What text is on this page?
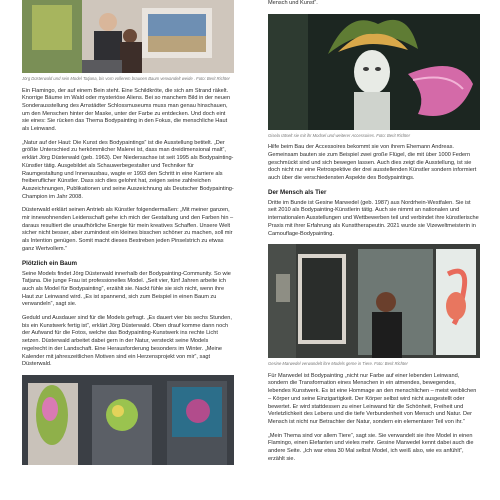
Jörg Düsterwald und sein Model Tatjana, bis vorn vollerem braunen Baum verwandelt weide . Foto: Berit Richter

Ein Flamingo, der auf einem Bein steht. Eine Schildkröte, die sich am Strand räkelt. Knorrige Bäume im Wald oder mysteriöse Aliens. Bei so manchem Bild in der neuen Sonderausstellung des Arnstädter Schlossmuseums muss man genau hinschauen, um den Menschen hinter der Maske, unter der Farbe zu entdecken. Und doch eint sie eines: Sie rücken das Thema Bodypainting in den Fokus, die menschliche Haut als Leinwand.

„Natur auf der Haut: Die Kunst des Bodypaintings“ ist die Ausstellung betitelt. „Der größte Unterschied zu herkömmlicher Malerei ist, dass man dreidimensional malt“, erklärt Jörg Düsterwald (geb. 1963). Der Niedersachse ist seit 1995 als Bodypainting-Künstler tätig. Ausgebildet als Schauwerbegestalter und Techniker für Raumgestaltung und Innenausbau, wagte er 1993 den Schritt in eine Karriere als freiberuflicher Künstler. Dass sich dies gelohnt hat, zeigen seine zahlreichen Auszeichnungen, Publikationen und seine Auszeichnung als Deutscher Bodypainting-Champion im Jahr 2008.

Düsterwald erklärt seinen Antrieb als Künstler folgendermaßen: „Mit meiner ganzen, mir innewohnenden Leidenschaft gehe ich mich der Gestaltung und den Farben hin – daraus resultiert die unaufhörliche Energie für mein kreatives Schaffen. Unsere Welt sicher nicht besser, aber zumindest ein kleines bisschen schöner zu machen, soll mir als Intention genügen. Somit macht dieses Bestreben jeden Pinselstrich zu etwas ganz Wertvollem.“

Plötzlich ein Baum

Seine Models findet Jörg Düsterwald innerhalb der Bodypainting-Community. So wie Tatjana. Die junge Frau ist professionelles Model. „Seit vier, fünf Jahren arbeite ich auch als Model für Bodypainting“, erzählt sie. Nackt fühle sie sich nicht, wenn ihre Haut zur Leinwand wird. „Es ist spannend, sich zum Beispiel in einen Baum zu verwandeln“, sagt sie.

Geduld und Ausdauer sind für die Models gefragt. „Es dauert vier bis sechs Stunden, bis ein Kunstwerk fertig ist“, erklärt Jörg Düsterwald. Oben drauf komme dann noch der Aufwand für die Fotos, welche das Bodypainting-Kunstwerk ins rechte Licht setzen. Düsterwald arbeitet dabei gern in der Natur, versteckt seine Models regelrecht in der Landschaft. Eine Herausforderung besonders im Winter. „Meine Kalender mit jahreszeitlichen Motiven sind ein Herzensprojekt von mir“, sagt Düsterwald.

Mensch und Kunst“.

Gisela rätselt sie mit ihr Modsel und weiterer Accessoires. Foto: Berit Richter

Hilfe beim Bau der Accessoires bekommt sie von ihrem Ehemann Andreas. Gemeinsam bauten sie zum Beispiel zwei große Flügel, die mit über 1000 Federn geschmückt sind und sich bewegen lassen. Auch dies zeigt die Ausstellung, ist sie doch nicht nur eine Retrospektive der drei ausstellenden Künstler sondern informiert auch über die verschiedensten Aspekte des Bodypaintings.

Der Mensch als Tier

Dritte im Bunde ist Gesine Marwedel (geb. 1987) aus Nordrhein-Westfalen. Sie ist seit 2010 als Bodypainting-Künstlerin tätig. Auch sie nimmt an nationalen und internationalen Ausstellungen und Wettbewerben teil und verbindet ihre künstlerische Praxis mit ihrer Erfahrung als Kunsttherapeutin. 2021 wurde sie Vizeweltmeisterin in Camouflage-Bodypainting.

Gesine Marwedel verwandelt ihre Models gerne in Tiere. Foto: Berit Richter

Für Marwedel ist Bodypainting „nicht nur Farbe auf einer lebenden Leinwand, sondern die Transformation eines Menschen in ein atmendes, bewegendes, lebendes Kunstwerk. Es ist eine Hommage an den menschlichen – meist weiblichen – Körper und seine Einzigartigkeit. Der Körper selbst wird nicht ausgestellt oder bewertet. Er wird stattdessen zu einer Leinwand für die Schönheit, Freiheit und Verletzlichkeit des Lebens und die tiefe Verbundenheit von Mensch und Natur. Der Mensch ist nicht nur Betrachter der Natur, sondern ein elementarer Teil von ihr.“

„Mein Thema sind vor allem Tiere“, sagt sie. Sie verwandelt sie ihre Model in einen Flamingo, einen Elefanten und vieles mehr. Gesine Marwedel kennt dabei auch die andere Seite. „Ich war etwa 30 Mal selbst Model, ich weiß also, wie es anfühlt“, erzählt sie.
